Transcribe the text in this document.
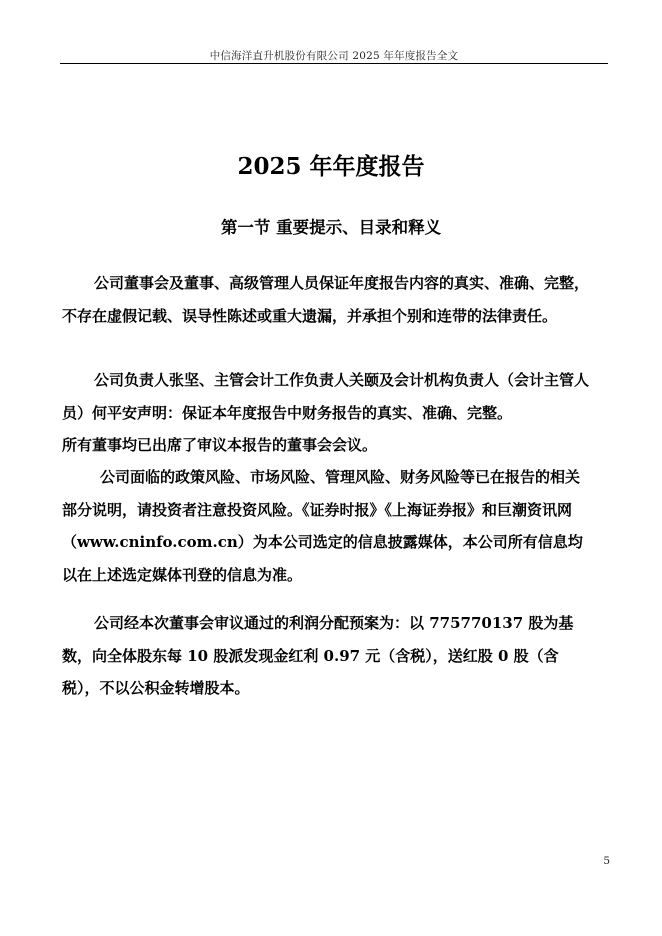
中信海洋直升机股份有限公司 2025 年年度报告全文
2025 年年度报告
第一节 重要提示、目录和释义

公司董事会及董事、高级管理人员保证年度报告内容的真实、准确、完整，不存在虚假记载、误导性陈述或重大遗漏，并承担个别和连带的法律责任。

公司负责人张坚、主管会计工作负责人关颐及会计机构负责人（会计主管人员）何平安声明：保证本年度报告中财务报告的真实、准确、完整。

所有董事均已出席了审议本报告的董事会会议。

公司面临的政策风险、市场风险、管理风险、财务风险等已在报告的相关部分说明，请投资者注意投资风险。《证券时报》《上海证券报》和巨潮资讯网（www.cninfo.com.cn）为本公司选定的信息披露媒体，本公司所有信息均以在上述选定媒体刊登的信息为准。

公司经本次董事会审议通过的利润分配预案为：以 775770137 股为基数，向全体股东每 10 股派发现金红利 0.97 元（含税），送红股 0 股（含税），不以公积金转增股本。

5
